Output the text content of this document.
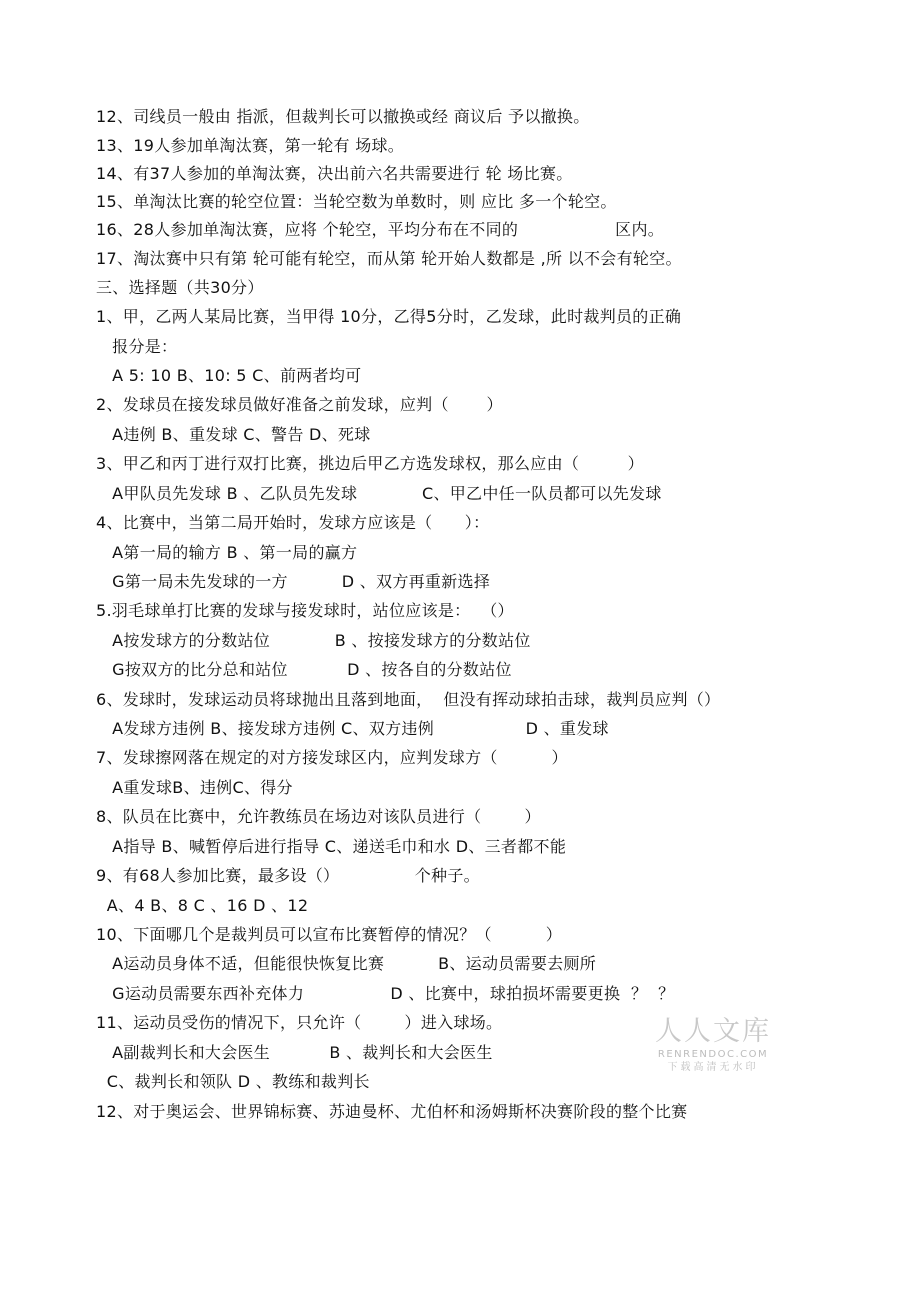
12、司线员一般由 指派，但裁判长可以撤换或经 商议后 予以撤换。
13、19人参加单淘汰赛，第一轮有 场球。
14、有37人参加的单淘汰赛，决出前六名共需要进行 轮 场比赛。
15、单淘汰比赛的轮空位置：当轮空数为单数时，则 应比 多一个轮空。
16、28人参加单淘汰赛，应将 个轮空，平均分布在不同的                  区内。
17、淘汰赛中只有第 轮可能有轮空，而从第 轮开始人数都是 ,所 以不会有轮空。
三、选择题（共30分）
1、甲，乙两人某局比赛，当甲得 10分，乙得5分时，乙发球，此时裁判员的正确
报分是：
A 5: 10 B、10: 5 C、前两者均可
2、发球员在接发球员做好准备之前发球，应判（       ）
A违例 B、重发球 C、警告 D、死球
3、甲乙和丙丁进行双打比赛，挑边后甲乙方选发球权，那么应由（         ）
A甲队员先发球 B 、乙队员先发球            C、甲乙中任一队员都可以先发球
4、比赛中，当第二局开始时，发球方应该是（      ）：
A第一局的输方 B 、第一局的赢方
G第一局未先发球的一方          D 、双方再重新选择
5.羽毛球单打比赛的发球与接发球时，站位应该是：  （）
A按发球方的分数站位            B 、按接发球方的分数站位
G按双方的比分总和站位           D 、按各自的分数站位
6、发球时，发球运动员将球抛出且落到地面，  但没有挥动球拍击球，裁判员应判（）
A发球方违例 B、接发球方违例 C、双方违例                 D 、重发球
7、发球擦网落在规定的对方接发球区内，应判发球方（          ）
A重发球B、违例C、得分
8、队员在比赛中，允许教练员在场边对该队员进行（        ）
A指导 B、喊暂停后进行指导 C、递送毛巾和水 D、三者都不能
9、有68人参加比赛，最多设（）              个种子。
A、4 B、8 C 、16 D 、12
10、下面哪几个是裁判员可以宣布比赛暂停的情况？（          ）
A运动员身体不适，但能很快恢复比赛          B、运动员需要去厕所
G运动员需要东西补充体力                D 、比赛中，球拍损坏需要更换  ？  ？
11、运动员受伤的情况下，只允许（        ）进入球场。
A副裁判长和大会医生           B 、裁判长和大会医生
C、裁判长和领队 D 、教练和裁判长
12、对于奥运会、世界锦标赛、苏迪曼杯、尤伯杯和汤姆斯杯决赛阶段的整个比赛
人人文库
RENRENDOC.COM
下载高清无水印
